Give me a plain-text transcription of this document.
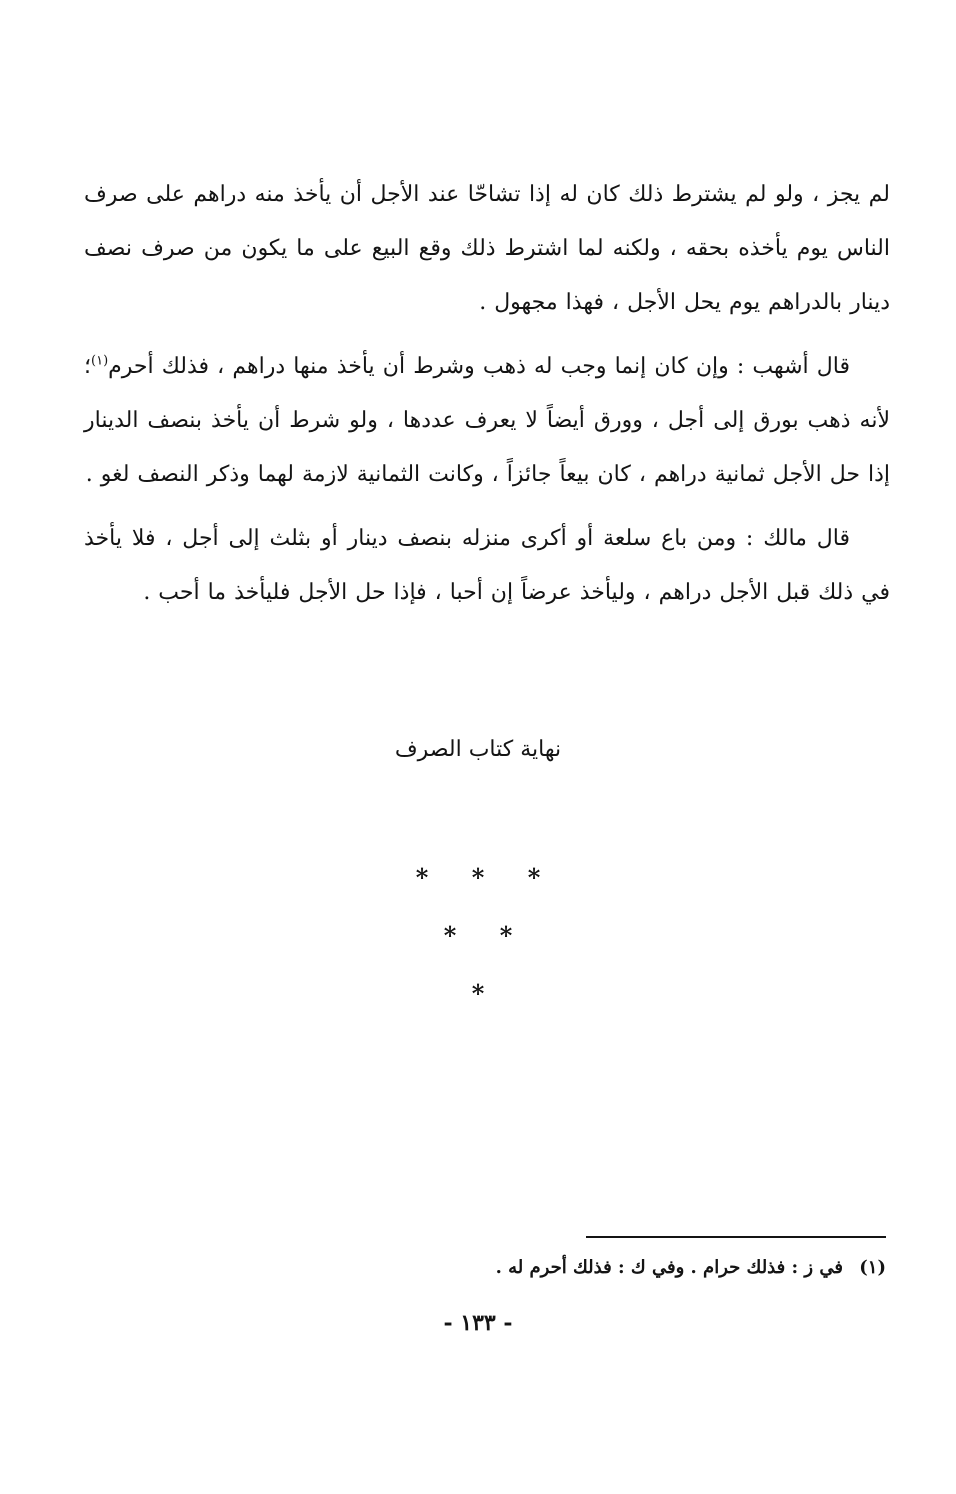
لم يجز ، ولو لم يشترط ذلك كان له إذا تشاحّا عند الأجل أن يأخذ منه دراهم على صرف الناس يوم يأخذه بحقه ، ولكنه لما اشترط ذلك وقع البيع على ما يكون من صرف نصف دينار بالدراهم يوم يحل الأجل ، فهذا مجهول .

قال أشهب : وإن كان إنما وجب له ذهب وشرط أن يأخذ منها دراهم ، فذلك أحرم$^{(١)}$؛ لأنه ذهب بورق إلى أجل ، وورق أيضاً لا يعرف عددها ، ولو شرط أن يأخذ بنصف الدينار إذا حل الأجل ثمانية دراهم ، كان بيعاً جائزاً ، وكانت الثمانية لازمة لهما وذكر النصف لغو .

قال مالك : ومن باع سلعة أو أكرى منزله بنصف دينار أو بثلث إلى أجل ، فلا يأخذ في ذلك قبل الأجل دراهم ، وليأخذ عرضاً إن أحبا ، فإذا حل الأجل فليأخذ ما أحب .

نهاية كتاب الصرف
* * *
* *
*
(١) في ز : فذلك حرام . وفي ك : فذلك أحرم له .
- ١٣٣ -
